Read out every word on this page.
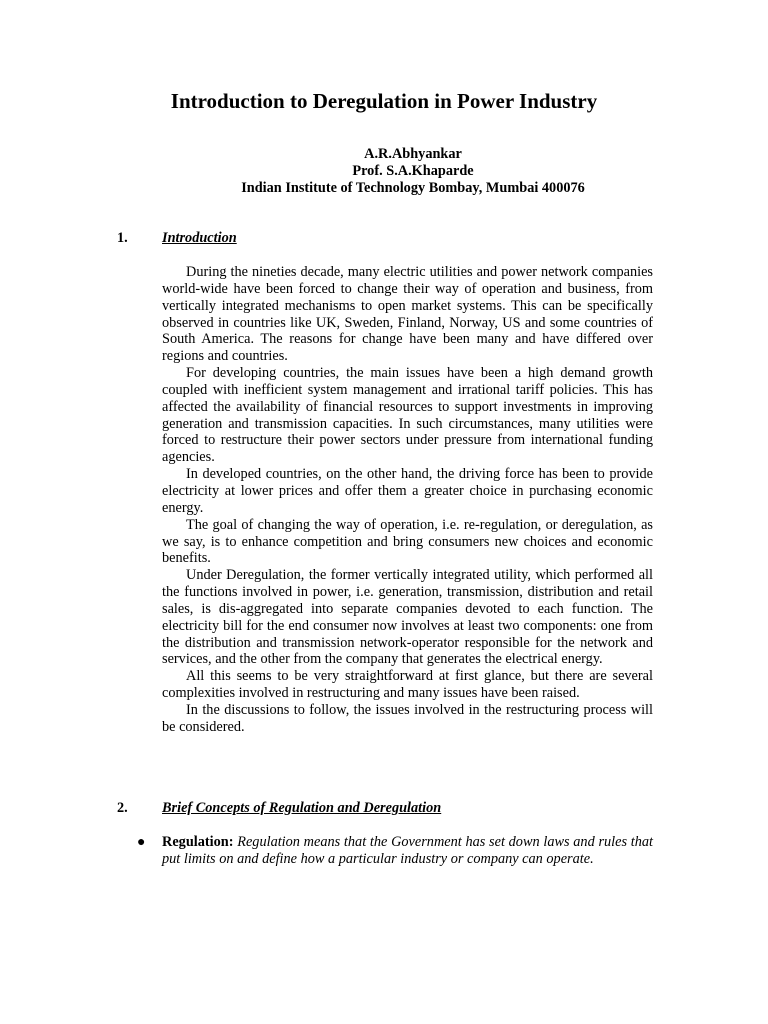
Introduction to Deregulation in Power Industry
A.R.Abhyankar
Prof. S.A.Khaparde
Indian Institute of Technology Bombay, Mumbai 400076
1. Introduction

During the nineties decade, many electric utilities and power network companies world-wide have been forced to change their way of operation and business, from vertically integrated mechanisms to open market systems. This can be specifically observed in countries like UK, Sweden, Finland, Norway, US and some countries of South America. The reasons for change have been many and have differed over regions and countries.

For developing countries, the main issues have been a high demand growth coupled with inefficient system management and irrational tariff policies. This has affected the availability of financial resources to support investments in improving generation and transmission capacities. In such circumstances, many utilities were forced to restructure their power sectors under pressure from international funding agencies.

In developed countries, on the other hand, the driving force has been to provide electricity at lower prices and offer them a greater choice in purchasing economic energy.

The goal of changing the way of operation, i.e. re-regulation, or deregulation, as we say, is to enhance competition and bring consumers new choices and economic benefits.

Under Deregulation, the former vertically integrated utility, which performed all the functions involved in power, i.e. generation, transmission, distribution and retail sales, is dis-aggregated into separate companies devoted to each function. The electricity bill for the end consumer now involves at least two components: one from the distribution and transmission network-operator responsible for the network and services, and the other from the company that generates the electrical energy.

All this seems to be very straightforward at first glance, but there are several complexities involved in restructuring and many issues have been raised.

In the discussions to follow, the issues involved in the restructuring process will be considered.

2. Brief Concepts of Regulation and Deregulation
● Regulation: Regulation means that the Government has set down laws and rules that put limits on and define how a particular industry or company can operate.
